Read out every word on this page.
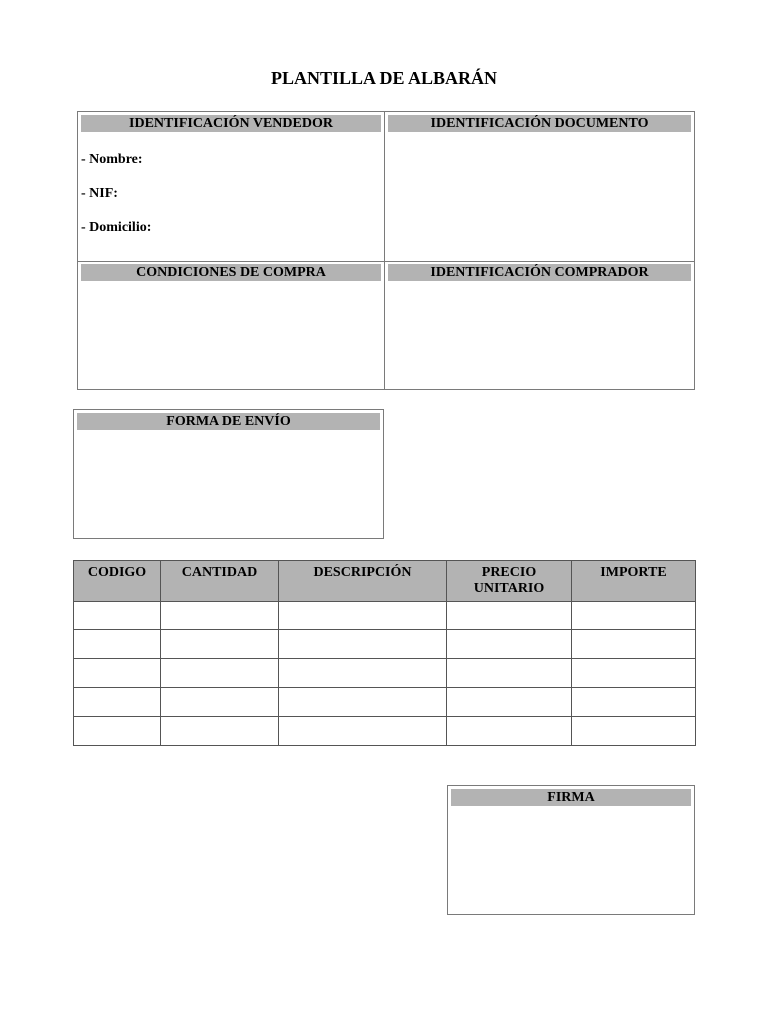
PLANTILLA DE ALBARÁN
IDENTIFICACIÓN VENDEDOR
- Nombre:
- NIF:
- Domicilio:
IDENTIFICACIÓN DOCUMENTO
CONDICIONES DE COMPRA	IDENTIFICACIÓN COMPRADOR
FORMA DE ENVÍO
CODIGO	CANTIDAD	DESCRIPCIÓN	PRECIO UNITARIO	IMPORTE

FIRMA
